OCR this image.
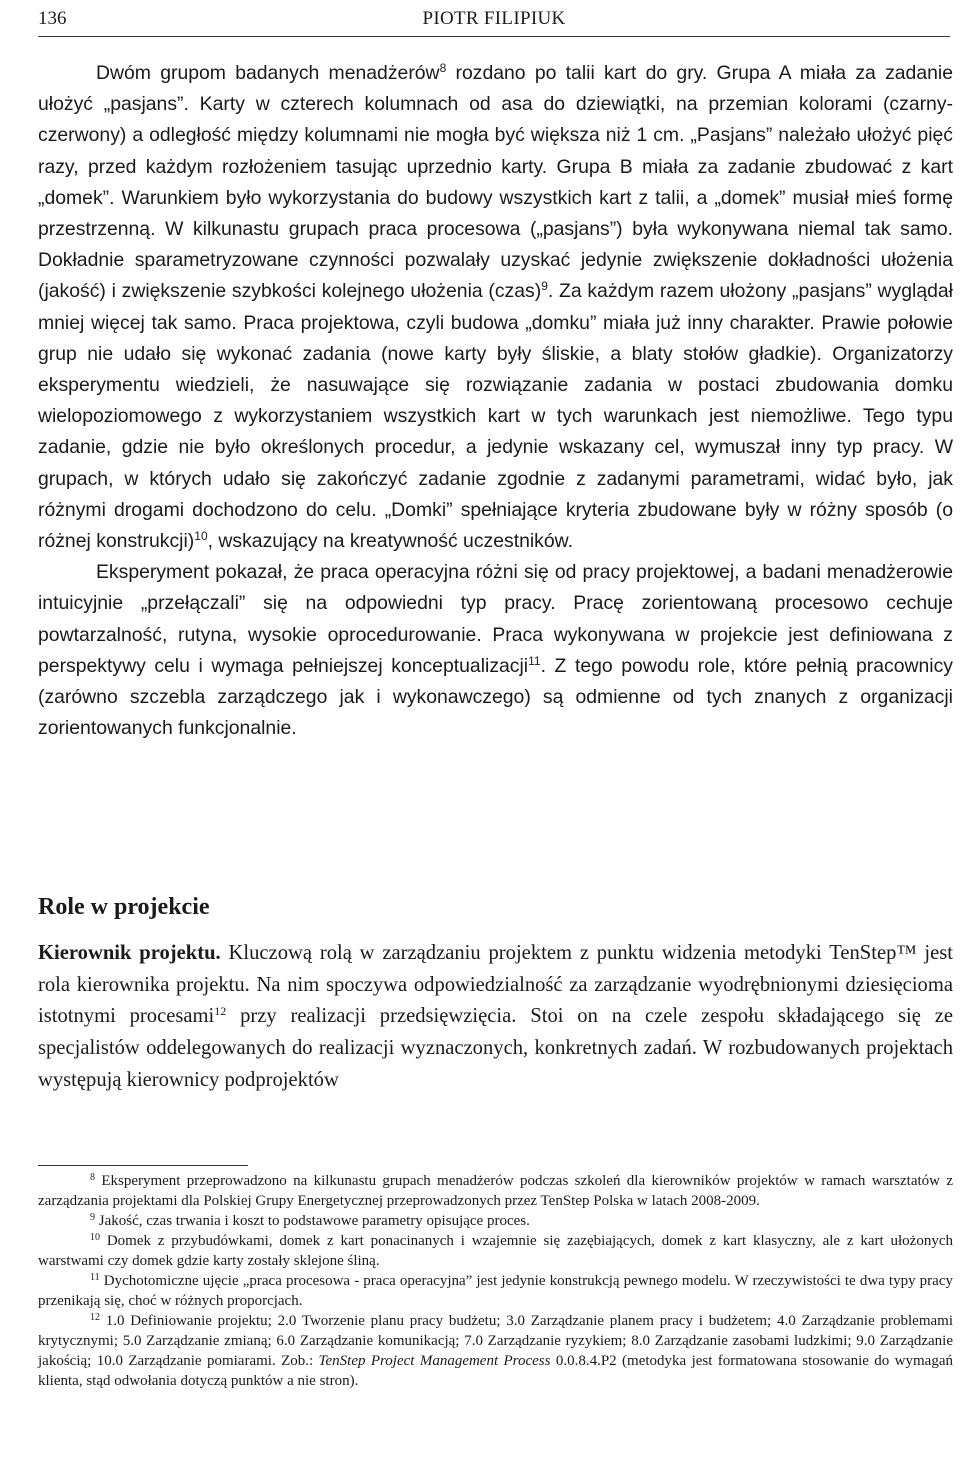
136	PIOTR FILIPIUK

Dwóm grupom badanych menadżerów$^8$ rozdano po talii kart do gry. Grupa A miała za zadanie ułożyć „pasjans”. Karty w czterech kolumnach od asa do dziewiątki, na przemian kolorami (czarny-czerwony) a odległość między kolumnami nie mogła być większa niż 1 cm. „Pasjans” należało ułożyć pięć razy, przed każdym rozłożeniem tasując uprzednio karty. Grupa B miała za zadanie zbudować z kart „domek”. Warunkiem było wykorzystania do budowy wszystkich kart z talii, a „domek” musiał mieś formę przestrzenną. W kilkunastu grupach praca procesowa („pasjans”) była wykonywana niemal tak samo. Dokładnie sparametryzowane czynności pozwalały uzyskać jedynie zwiększenie dokładności ułożenia (jakość) i zwiększenie szybkości kolejnego ułożenia (czas)$^9$. Za każdym razem ułożony „pasjans” wyglądał mniej więcej tak samo. Praca projektowa, czyli budowa „domku” miała już inny charakter. Prawie połowie grup nie udało się wykonać zadania (nowe karty były śliskie, a blaty stołów gładkie). Organizatorzy eksperymentu wiedzieli, że nasuwające się rozwiązanie zadania w postaci zbudowania domku wielopoziomowego z wykorzystaniem wszystkich kart w tych warunkach jest niemożliwe. Tego typu zadanie, gdzie nie było określonych procedur, a jedynie wskazany cel, wymuszał inny typ pracy. W grupach, w których udało się zakończyć zadanie zgodnie z zadanymi parametrami, widać było, jak różnymi drogami dochodzono do celu. „Domki” spełniające kryteria zbudowane były w różny sposób (o różnej konstrukcji)$^{10}$, wskazujący na kreatywność uczestników.

Eksperyment pokazał, że praca operacyjna różni się od pracy projektowej, a badani menadżerowie intuicyjnie „przełączali” się na odpowiedni typ pracy. Pracę zorientowaną procesowo cechuje powtarzalność, rutyna, wysokie oprocedurowanie. Praca wykonywana w projekcie jest definiowana z perspektywy celu i wymaga pełniejszej konceptualizacji$^{11}$. Z tego powodu role, które pełnią pracownicy (zarówno szczebla zarządczego jak i wykonawczego) są odmienne od tych znanych z organizacji zorientowanych funkcjonalnie.

Role w projekcie

Kierownik projektu. Kluczową rolą w zarządzaniu projektem z punktu widzenia metodyki TenStep™ jest rola kierownika projektu. Na nim spoczywa odpowiedzialność za zarządzanie wyodrębnionymi dziesięcioma istotnymi procesami$^{12}$ przy realizacji przedsięwzięcia. Stoi on na czele zespołu składającego się ze specjalistów oddelegowanych do realizacji wyznaczonych, konkretnych zadań. W rozbudowanych projektach występują kierownicy podprojektów

$^8$ Eksperyment przeprowadzono na kilkunastu grupach menadżerów podczas szkoleń dla kierowników projektów w ramach warsztatów z zarządzania projektami dla Polskiej Grupy Energetycznej przeprowadzonych przez TenStep Polska w latach 2008-2009.

$^9$ Jakość, czas trwania i koszt to podstawowe parametry opisujące proces.

$^{10}$ Domek z przybudówkami, domek z kart ponacinanych i wzajemnie się zazębiających, domek z kart klasyczny, ale z kart ułożonych warstwami czy domek gdzie karty zostały sklejone śliną.

$^{11}$ Dychotomiczne ujęcie „praca procesowa - praca operacyjna” jest jedynie konstrukcją pewnego modelu. W rzeczywistości te dwa typy pracy przenikają się, choć w różnych proporcjach.

$^{12}$ 1.0 Definiowanie projektu; 2.0 Tworzenie planu pracy budżetu; 3.0 Zarządzanie planem pracy i budżetem; 4.0 Zarządzanie problemami krytycznymi; 5.0 Zarządzanie zmianą; 6.0 Zarządzanie komunikacją; 7.0 Zarządzanie ryzykiem; 8.0 Zarządzanie zasobami ludzkimi; 9.0 Zarządzanie jakością; 10.0 Zarządzanie pomiarami. Zob.: TenStep Project Management Process 0.0.8.4.P2 (metodyka jest formatowana stosowanie do wymagań klienta, stąd odwołania dotyczą punktów a nie stron).
